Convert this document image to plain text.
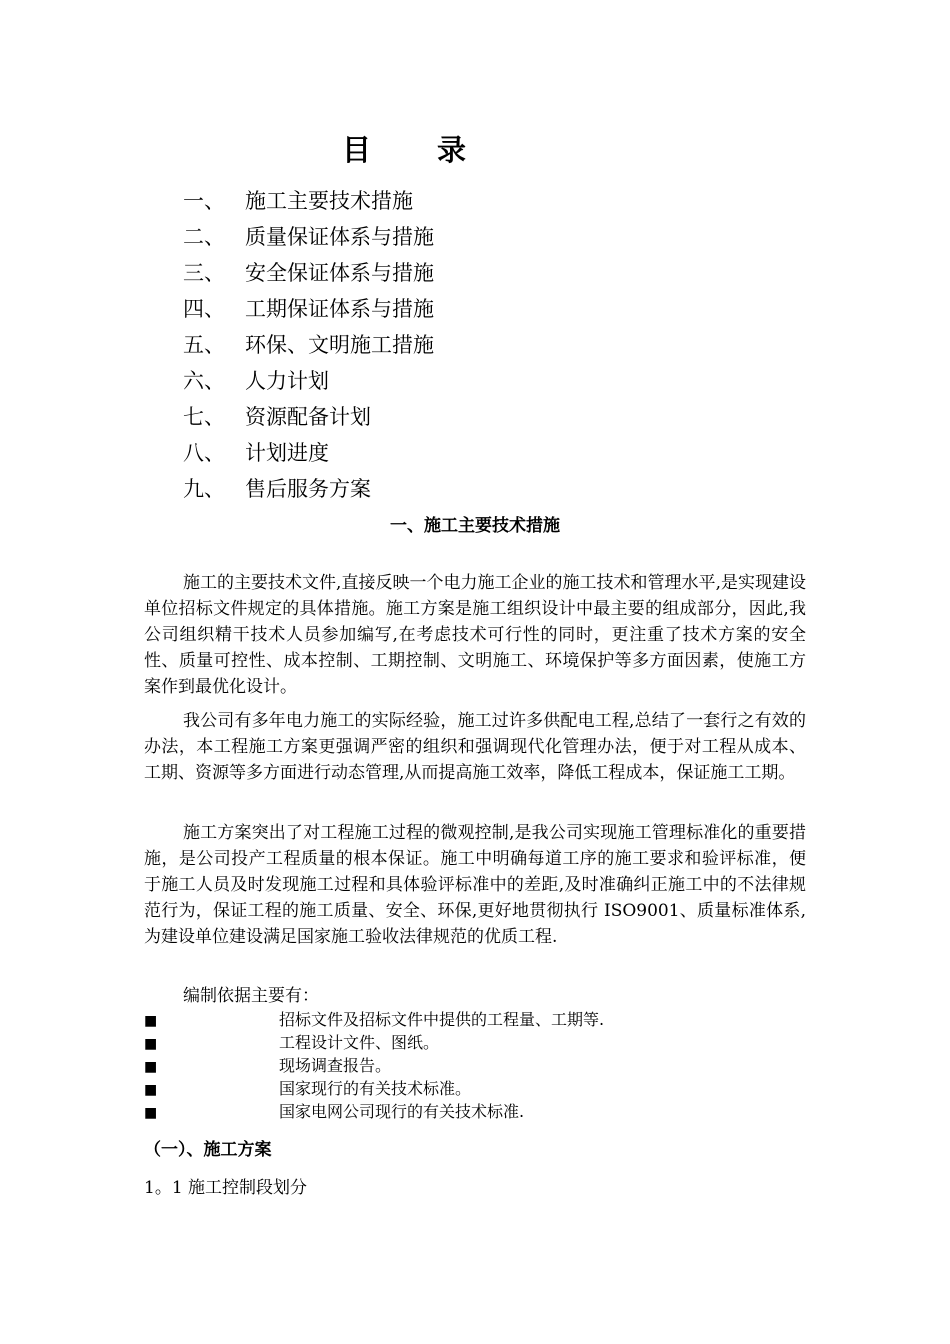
目 录
一、 施工主要技术措施
二、 质量保证体系与措施
三、 安全保证体系与措施
四、 工期保证体系与措施
五、 环保、文明施工措施
六、 人力计划
七、 资源配备计划
八、 计划进度
九、 售后服务方案
一、施工主要技术措施

施工的主要技术文件,直接反映一个电力施工企业的施工技术和管理水平,是实现建设单位招标文件规定的具体措施。施工方案是施工组织设计中最主要的组成部分，因此,我公司组织精干技术人员参加编写,在考虑技术可行性的同时，更注重了技术方案的安全性、质量可控性、成本控制、工期控制、文明施工、环境保护等多方面因素，使施工方案作到最优化设计。

我公司有多年电力施工的实际经验，施工过许多供配电工程,总结了一套行之有效的办法，本工程施工方案更强调严密的组织和强调现代化管理办法，便于对工程从成本、工期、资源等多方面进行动态管理,从而提高施工效率，降低工程成本，保证施工工期。

施工方案突出了对工程施工过程的微观控制,是我公司实现施工管理标准化的重要措施，是公司投产工程质量的根本保证。施工中明确每道工序的施工要求和验评标准，便于施工人员及时发现施工过程和具体验评标准中的差距,及时准确纠正施工中的不法律规范行为，保证工程的施工质量、安全、环保,更好地贯彻执行 ISO9001、质量标准体系,为建设单位建设满足国家施工验收法律规范的优质工程.

编制依据主要有：

■	招标文件及招标文件中提供的工程量、工期等.
■	工程设计文件、图纸。
■	现场调查报告。
■	国家现行的有关技术标准。
■	国家电网公司现行的有关技术标准.

（一）、施工方案

1。1 施工控制段划分
